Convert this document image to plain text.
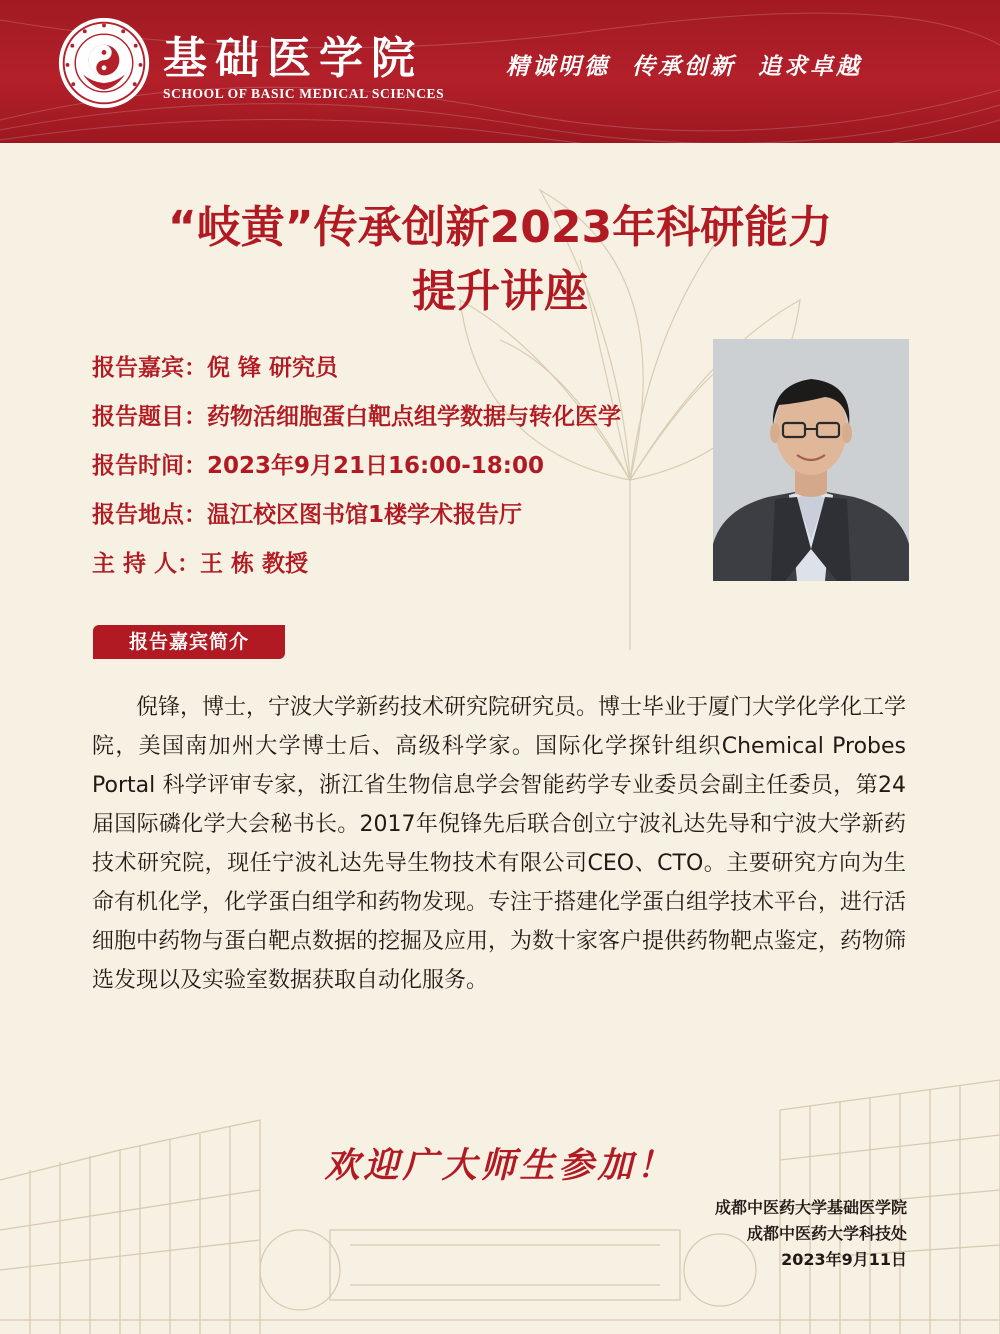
基础医学院
SCHOOL OF BASIC MEDICAL SCIENCES
精诚明德  传承创新  追求卓越
“岐黄”传承创新2023年科研能力
提升讲座
报告嘉宾：倪 锋 研究员
报告题目：药物活细胞蛋白靶点组学数据与转化医学
报告时间：2023年9月21日16:00-18:00
报告地点：温江校区图书馆1楼学术报告厅
主 持 人：王 栋 教授
报告嘉宾简介
倪锋，博士，宁波大学新药技术研究院研究员。博士毕业于厦门大学化学化工学院，美国南加州大学博士后、高级科学家。国际化学探针组织Chemical Probes Portal 科学评审专家，浙江省生物信息学会智能药学专业委员会副主任委员，第24届国际磷化学大会秘书长。2017年倪锋先后联合创立宁波礼达先导和宁波大学新药技术研究院，现任宁波礼达先导生物技术有限公司CEO、CTO。主要研究方向为生命有机化学，化学蛋白组学和药物发现。专注于搭建化学蛋白组学技术平台，进行活细胞中药物与蛋白靶点数据的挖掘及应用，为数十家客户提供药物靶点鉴定，药物筛选发现以及实验室数据获取自动化服务。
欢迎广大师生参加！
成都中医药大学基础医学院
成都中医药大学科技处
2023年9月11日
